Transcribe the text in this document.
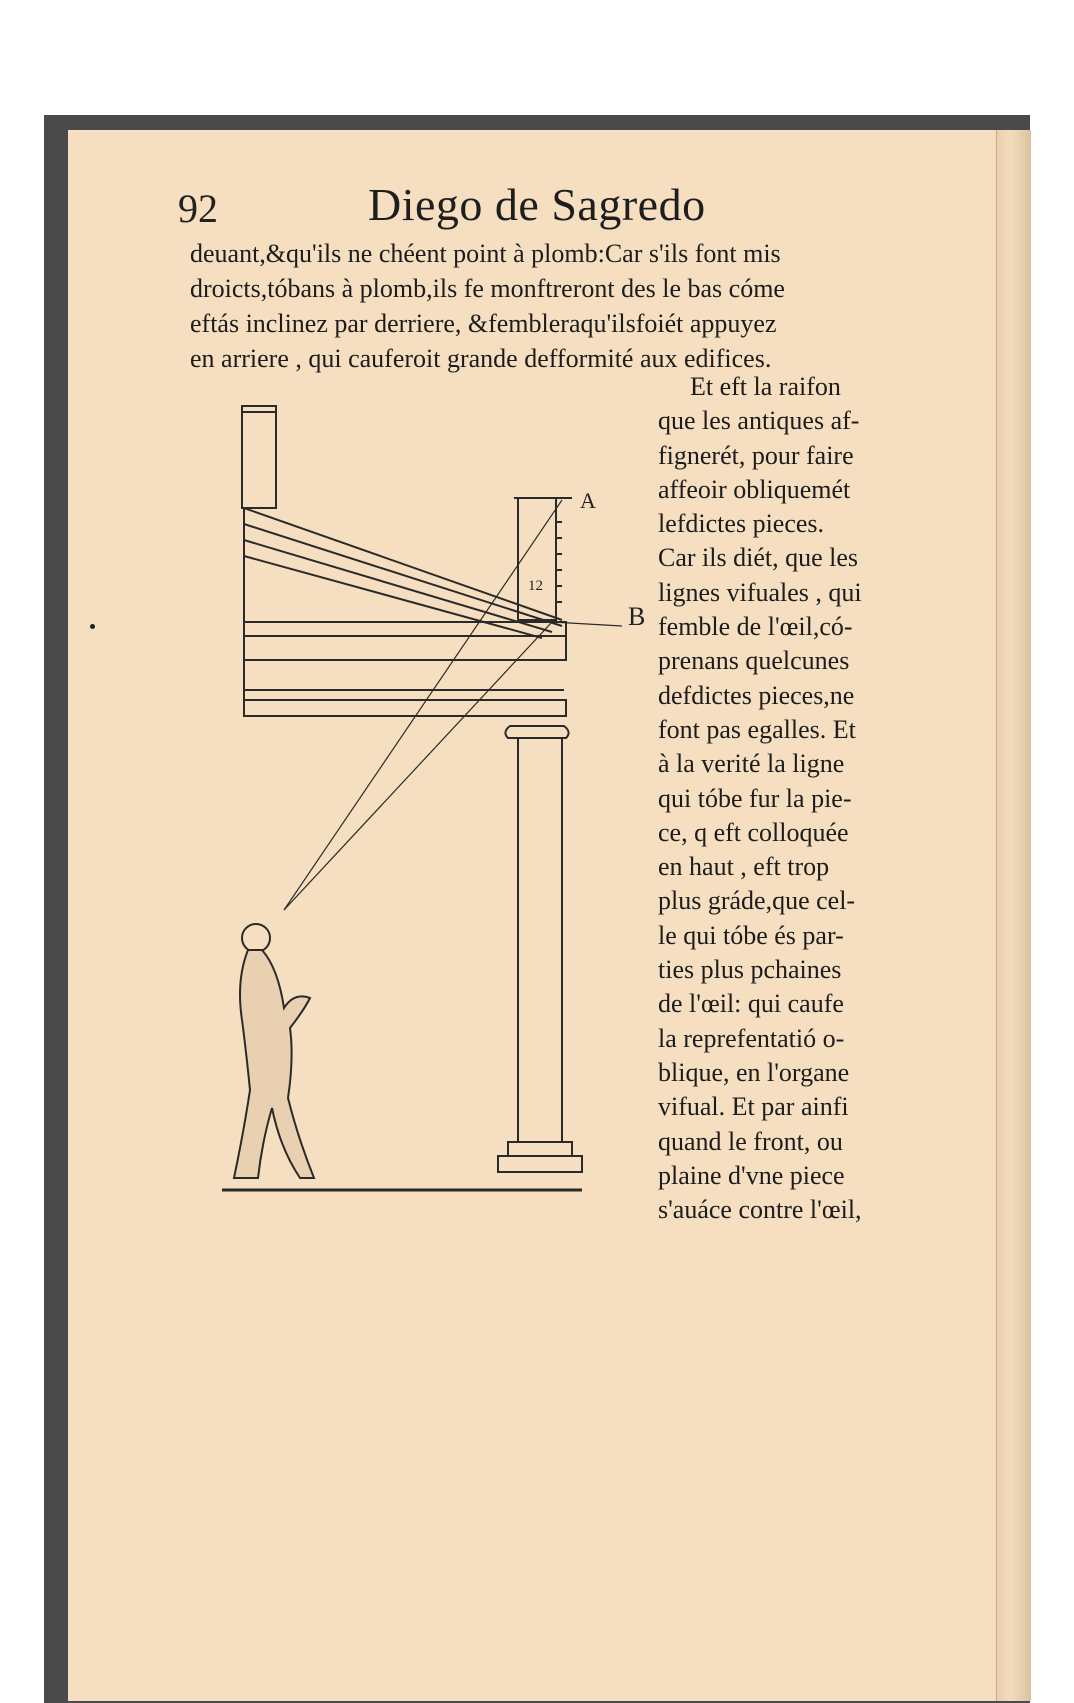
92	Diego de Sagredo
deuant,&qu'ils ne chéent point à plomb:Car s'ils font mis
droicts,tóbans à plomb,ils fe monftreront des le bas cóme
eftás inclinez par derriere, &fembleraqu'ilsfoiét appuyez
en arriere , qui cauferoit grande defformité aux edifices.
Et eft la raifon
que les antiques af-
fignerét, pour faire
affeoir obliquemét
lefdictes pieces.
Car ils diét, que les
lignes vifuales , qui
femble de l'œil,có-
prenans quelcunes
defdictes pieces,ne
font pas egalles. Et
à la verité la ligne
qui tóbe fur la pie-
ce, q eft colloquée
en haut , eft trop
plus gráde,que cel-
le qui tóbe és par-
ties plus pchaines
de l'œil: qui caufe
la reprefentatió o-
blique, en l'organe
vifual. Et par ainfi
quand le front, ou
plaine d'vne piece
s'auáce contre l'œil,
A
B
12
